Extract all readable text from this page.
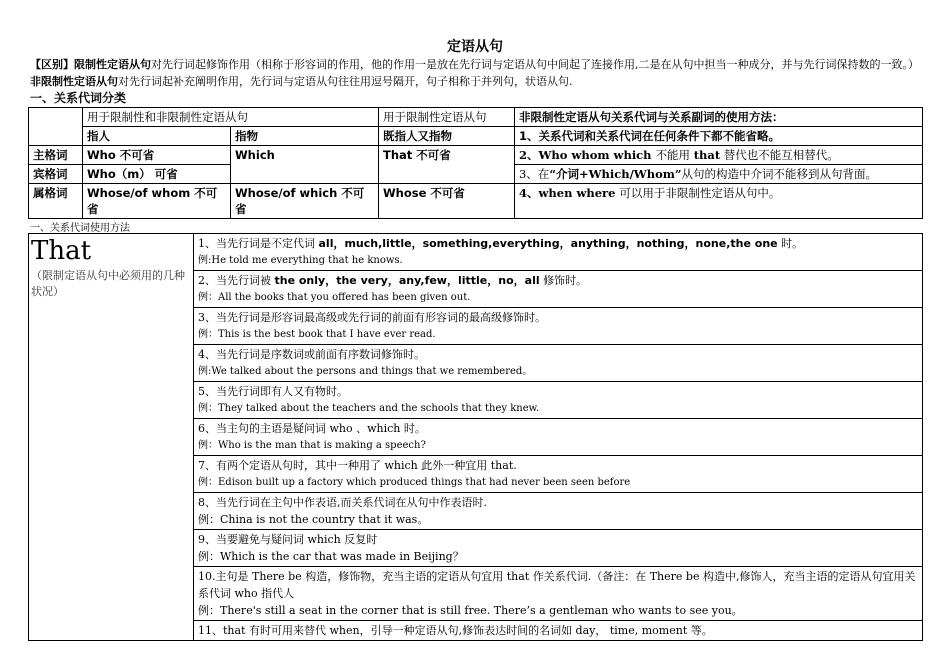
定语从句
【区别】限制性定语从句对先行词起修饰作用（相称于形容词的作用，他的作用一是放在先行词与定语从句中间起了连接作用,二是在从句中担当一种成分，并与先行词保持数的一致。）非限制性定语从句对先行词起补充阐明作用，先行词与定语从句往往用逗号隔开，句子相称于并列句，状语从句.
一、关系代词分类
	用于限制性和非限制性定语从句		用于限制性定语从句	非限制性定语从句关系代词与关系副词的使用方法：
	指人	指物	既指人又指物	1、关系代词和关系代词在任何条件下都不能省略。
主格词	Who 不可省	Which	That 不可省	2、Who whom which 不能用 that 替代也不能互相替代。
宾格词	Who（m） 可省			3、在“介词+Which/Whom”从句的构造中介词不能移到从句背面。
属格词	Whose/of whom 不可省	Whose/of which 不可省	Whose 不可省	4、when where 可以用于非限制性定语从句中。
一、关系代词使用方法
That
（限制定语从句中必须用的几种状况）

1、当先行词是不定代词 all，much,little，something,everything，anything，nothing，none,the one 时。
例:He told me everything that he knows.

2、当先行词被 the only，the very，any,few，little，no，all 修饰时。
例：All the books that you offered has been given out.

3、当先行词是形容词最高级或先行词的前面有形容词的最高级修饰时。
例：This is the best book that I have ever read.

4、当先行词是序数词或前面有序数词修饰时。
例:We talked about the persons and things that we remembered。

5、当先行词即有人又有物时。
例：They talked about the teachers and the schools that they knew.

6、当主句的主语是疑问词 who 、which 时。
例：Who is the man that is making a speech?

7、有两个定语从句时，其中一种用了 which 此外一种宜用 that.
例：Edison built up a factory which produced things that had never been seen before

8、当先行词在主句中作表语,而关系代词在从句中作表语时.
例：China is not the country that it was。

9、当要避免与疑问词 which 反复时
例：Which is the car that was made in Beijing？

10.主句是 There be 构造，修饰物，充当主语的定语从句宜用 that 作关系代词.（备注：在 There be 构造中,修饰人，充当主语的定语从句宜用关系代词 who 指代人
例：There's still a seat in the corner that is still free. There’s a gentleman who wants to see you。

11、that 有时可用来替代 when，引导一种定语从句,修饰表达时间的名词如 day， time, moment 等。
